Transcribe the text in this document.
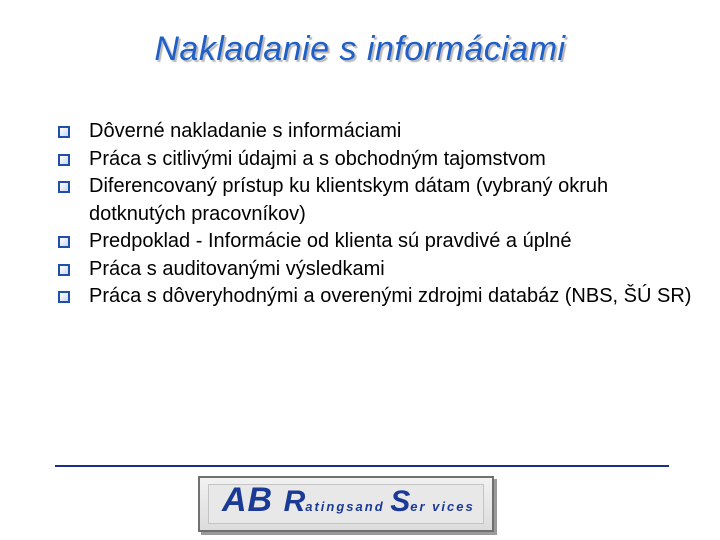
Nakladanie s informáciami
Dôverné nakladanie s informáciami
Práca s citlivými údajmi a s obchodným tajomstvom
Diferencovaný prístup ku klientskym dátam (vybraný okruh dotknutých pracovníkov)
Predpoklad - Informácie od klienta sú pravdivé a úplné
Práca s auditovanými výsledkami
Práca s dôveryhodnými a overenými zdrojmi databáz (NBS, ŠÚ SR)
AB Ratingsand Ser vices
